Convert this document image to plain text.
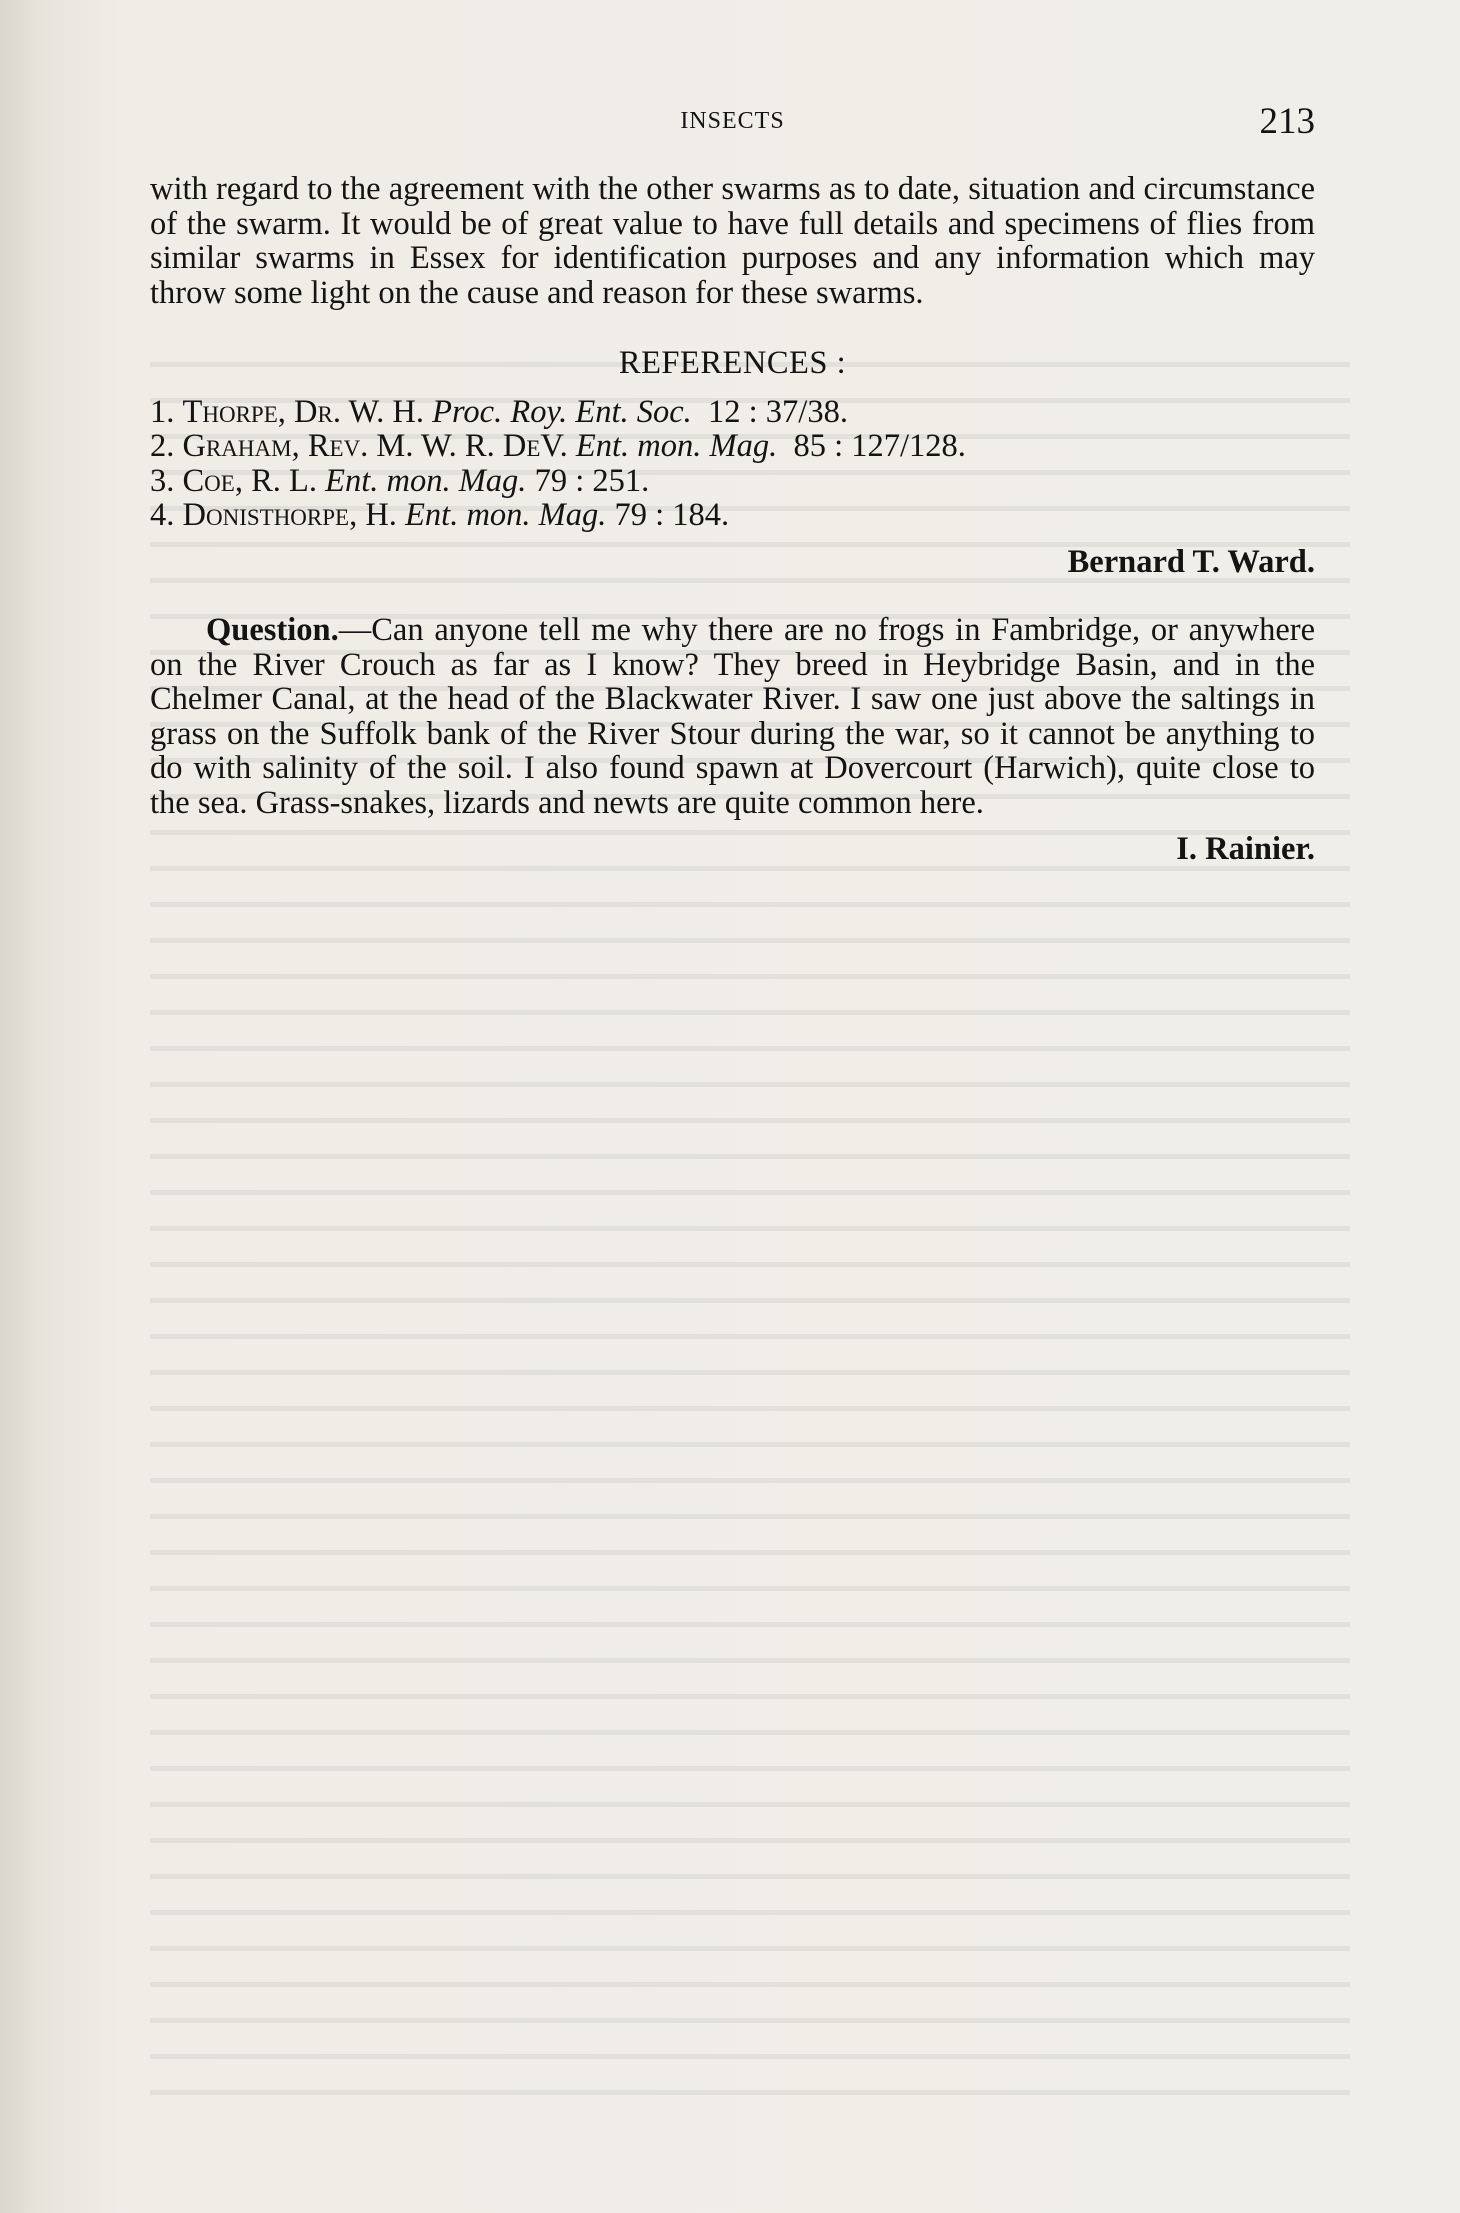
INSECTS	213

with regard to the agreement with the other swarms as to date, situation and circumstance of the swarm. It would be of great value to have full details and specimens of flies from similar swarms in Essex for identification purposes and any information which may throw some light on the cause and reason for these swarms.

REFERENCES :
1. Thorpe, Dr. W. H. Proc. Roy. Ent. Soc. 12 : 37/38.
2. Graham, Rev. M. W. R. DeV. Ent. mon. Mag. 85 : 127/128.
3. Coe, R. L. Ent. mon. Mag. 79 : 251.
4. Donisthorpe, H. Ent. mon. Mag. 79 : 184.

Bernard T. Ward.

Question.—Can anyone tell me why there are no frogs in Fambridge, or anywhere on the River Crouch as far as I know? They breed in Heybridge Basin, and in the Chelmer Canal, at the head of the Blackwater River. I saw one just above the saltings in grass on the Suffolk bank of the River Stour during the war, so it cannot be anything to do with salinity of the soil. I also found spawn at Dovercourt (Harwich), quite close to the sea. Grass-snakes, lizards and newts are quite common here.

I. Rainier.
